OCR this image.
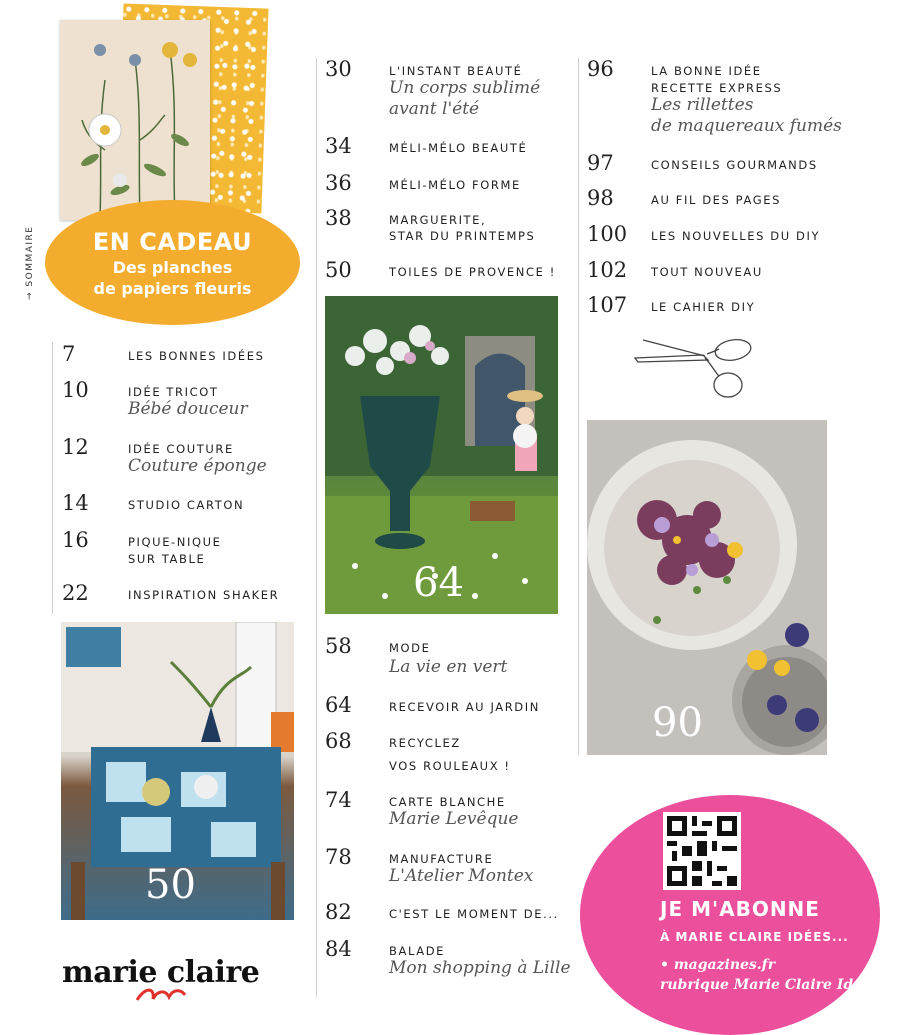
→ SOMMAIRE	EN CADEAU
Des planches
de papiers fleuris
7	LES BONNES IDÉES
10	IDÉE TRICOT
Bébé douceur
12	IDÉE COUTURE
Couture éponge
14	STUDIO CARTON
16	PIQUE-NIQUE
SUR TABLE
22	INSPIRATION SHAKER
50
marie claire
30	L'INSTANT BEAUTÉ
Un corps sublimé
avant l'été
34	MÉLI-MÉLO BEAUTÉ
36	MÉLI-MÉLO FORME
38	MARGUERITE,
STAR DU PRINTEMPS
50	TOILES DE PROVENCE !
64
58	MODE
La vie en vert
64	RECEVOIR AU JARDIN
68	RECYCLEZ
VOS ROULEAUX !
74	CARTE BLANCHE
Marie Levêque
78	MANUFACTURE
L'Atelier Montex
82	C'EST LE MOMENT DE...
84	BALADE
Mon shopping à Lille
96	LA BONNE IDÉE
RECETTE EXPRESS
Les rillettes
de maquereaux fumés
97	CONSEILS GOURMANDS
98	AU FIL DES PAGES
100 LES NOUVELLES DU DIY
102 TOUT NOUVEAU
107 LE CAHIER DIY
90
JE M'ABONNE
À MARIE CLAIRE IDÉES...
• magazines.fr
rubrique Marie Claire Idées
